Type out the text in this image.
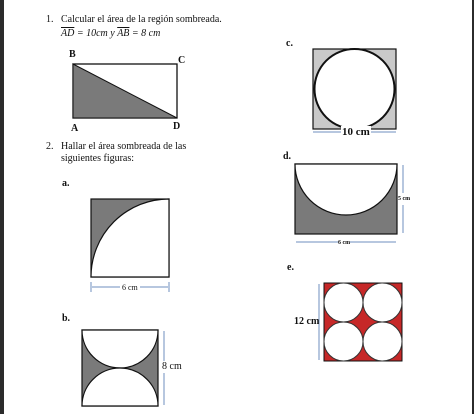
1. Calcular el área de la región sombreada.
$\overline{AD} = 10cm$ y $\overline{AB} = 8$ cm
B
C
A	D
2. Hallar el área sombreada de las
siguientes figuras:
a.
6 cm
b.
8 cm
c.
10 cm
d.
5 cm
6 cm
e.
12 cm
